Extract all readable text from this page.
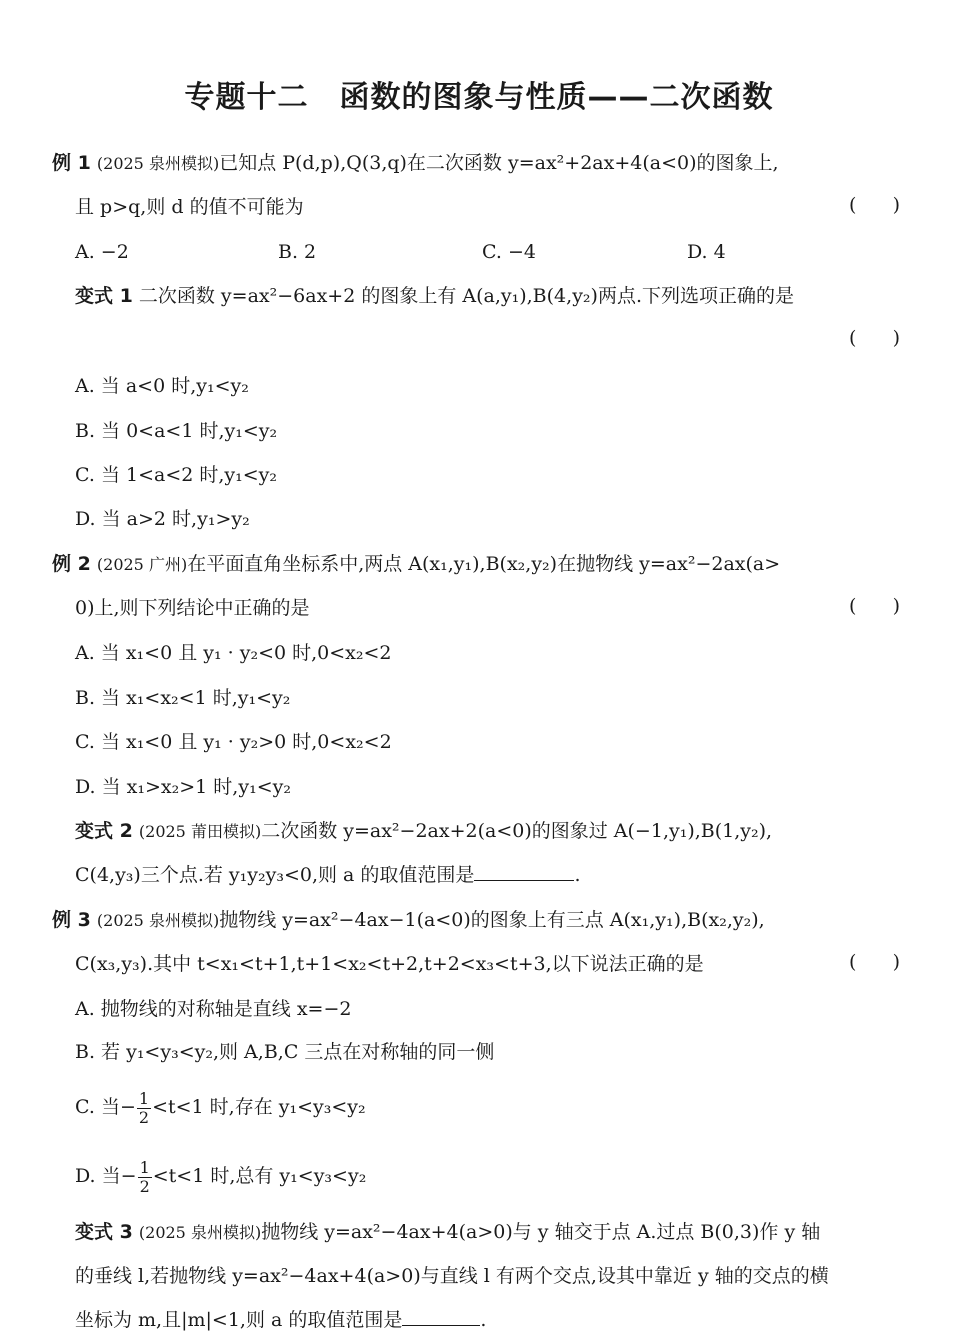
专题十二　函数的图象与性质——二次函数
例 1 (2025 泉州模拟)已知点 P(d,p),Q(3,q)在二次函数 y=ax²+2ax+4(a<0)的图象上,
且 p>q,则 d 的值不可能为	(      )
A. −2	B. 2	C. −4	D. 4
变式 1 二次函数 y=ax²−6ax+2 的图象上有 A(a,y₁),B(4,y₂)两点.下列选项正确的是
(      )
A. 当 a<0 时,y₁<y₂
B. 当 0<a<1 时,y₁<y₂
C. 当 1<a<2 时,y₁<y₂
D. 当 a>2 时,y₁>y₂
例 2 (2025 广州)在平面直角坐标系中,两点 A(x₁,y₁),B(x₂,y₂)在抛物线 y=ax²−2ax(a>
0)上,则下列结论中正确的是	(      )
A. 当 x₁<0 且 y₁ · y₂<0 时,0<x₂<2
B. 当 x₁<x₂<1 时,y₁<y₂
C. 当 x₁<0 且 y₁ · y₂>0 时,0<x₂<2
D. 当 x₁>x₂>1 时,y₁<y₂
变式 2 (2025 莆田模拟)二次函数 y=ax²−2ax+2(a<0)的图象过 A(−1,y₁),B(1,y₂),
C(4,y₃)三个点.若 y₁y₂y₃<0,则 a 的取值范围是	.
例 3 (2025 泉州模拟)抛物线 y=ax²−4ax−1(a<0)的图象上有三点 A(x₁,y₁),B(x₂,y₂),
C(x₃,y₃).其中 t<x₁<t+1,t+1<x₂<t+2,t+2<x₃<t+3,以下说法正确的是	(      )
A. 抛物线的对称轴是直线 x=−2
B. 若 y₁<y₃<y₂,则 A,B,C 三点在对称轴的同一侧
C. 当− $\frac{1}{2} <t<1$ 时,存在 y₁<y₃<y₂
D. 当− $\frac{1}{2} <t<1$ 时,总有 y₁<y₃<y₂
变式 3 (2025 泉州模拟)抛物线 y=ax²−4ax+4(a>0)与 y 轴交于点 A.过点 B(0,3)作 y 轴
的垂线 l,若抛物线 y=ax²−4ax+4(a>0)与直线 l 有两个交点,设其中靠近 y 轴的交点的横
坐标为 m,且|m|<1,则 a 的取值范围是	.
